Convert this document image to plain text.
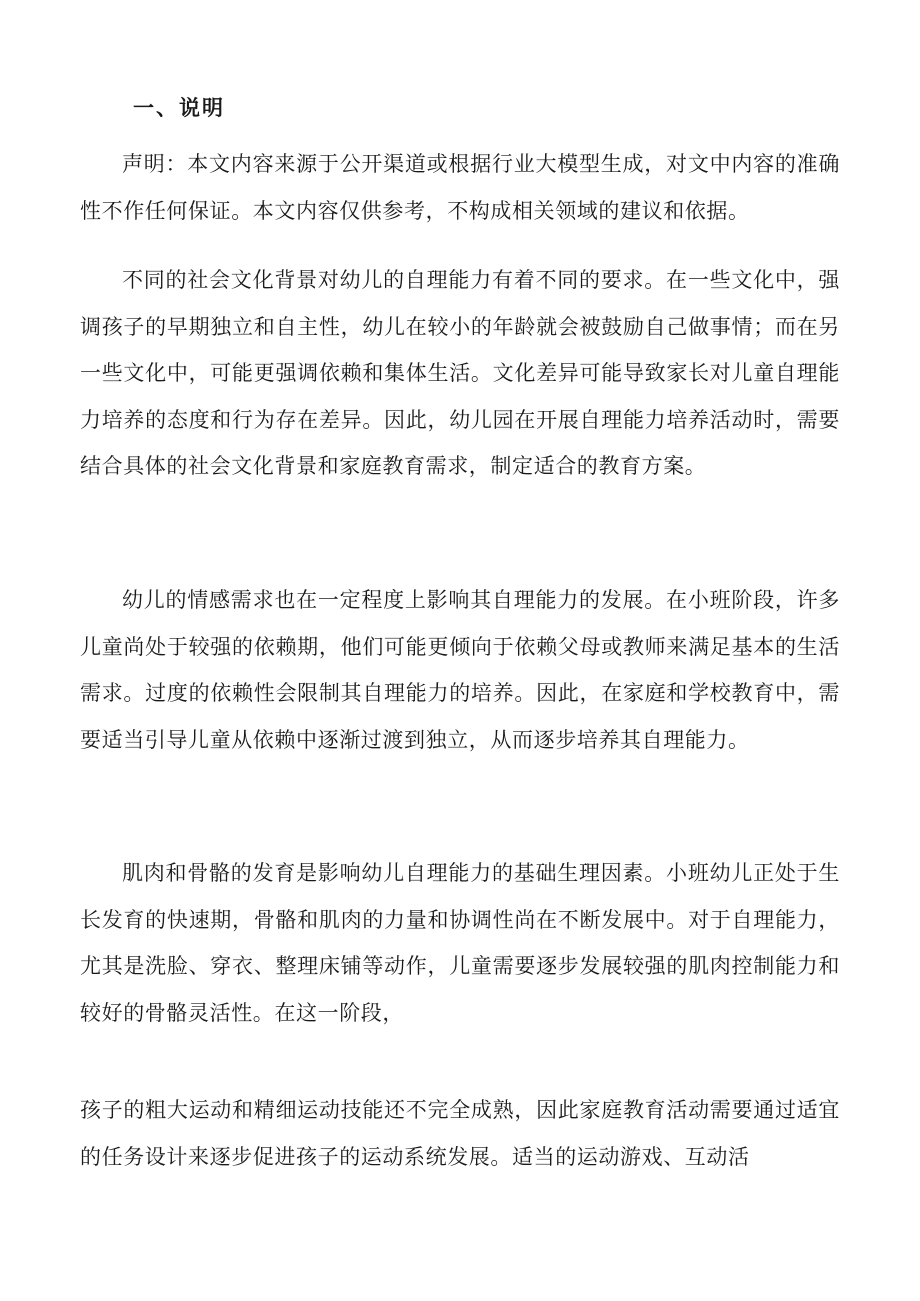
一、说明

声明：本文内容来源于公开渠道或根据行业大模型生成，对文中内容的准确性不作任何保证。本文内容仅供参考，不构成相关领域的建议和依据。

不同的社会文化背景对幼儿的自理能力有着不同的要求。在一些文化中，强调孩子的早期独立和自主性，幼儿在较小的年龄就会被鼓励自己做事情；而在另一些文化中，可能更强调依赖和集体生活。文化差异可能导致家长对儿童自理能力培养的态度和行为存在差异。因此，幼儿园在开展自理能力培养活动时，需要结合具体的社会文化背景和家庭教育需求，制定适合的教育方案。

幼儿的情感需求也在一定程度上影响其自理能力的发展。在小班阶段，许多儿童尚处于较强的依赖期，他们可能更倾向于依赖父母或教师来满足基本的生活需求。过度的依赖性会限制其自理能力的培养。因此，在家庭和学校教育中，需要适当引导儿童从依赖中逐渐过渡到独立，从而逐步培养其自理能力。

肌肉和骨骼的发育是影响幼儿自理能力的基础生理因素。小班幼儿正处于生长发育的快速期，骨骼和肌肉的力量和协调性尚在不断发展中。对于自理能力，尤其是洗脸、穿衣、整理床铺等动作，儿童需要逐步发展较强的肌肉控制能力和较好的骨骼灵活性。在这一阶段，

孩子的粗大运动和精细运动技能还不完全成熟，因此家庭教育活动需要通过适宜的任务设计来逐步促进孩子的运动系统发展。适当的运动游戏、互动活
